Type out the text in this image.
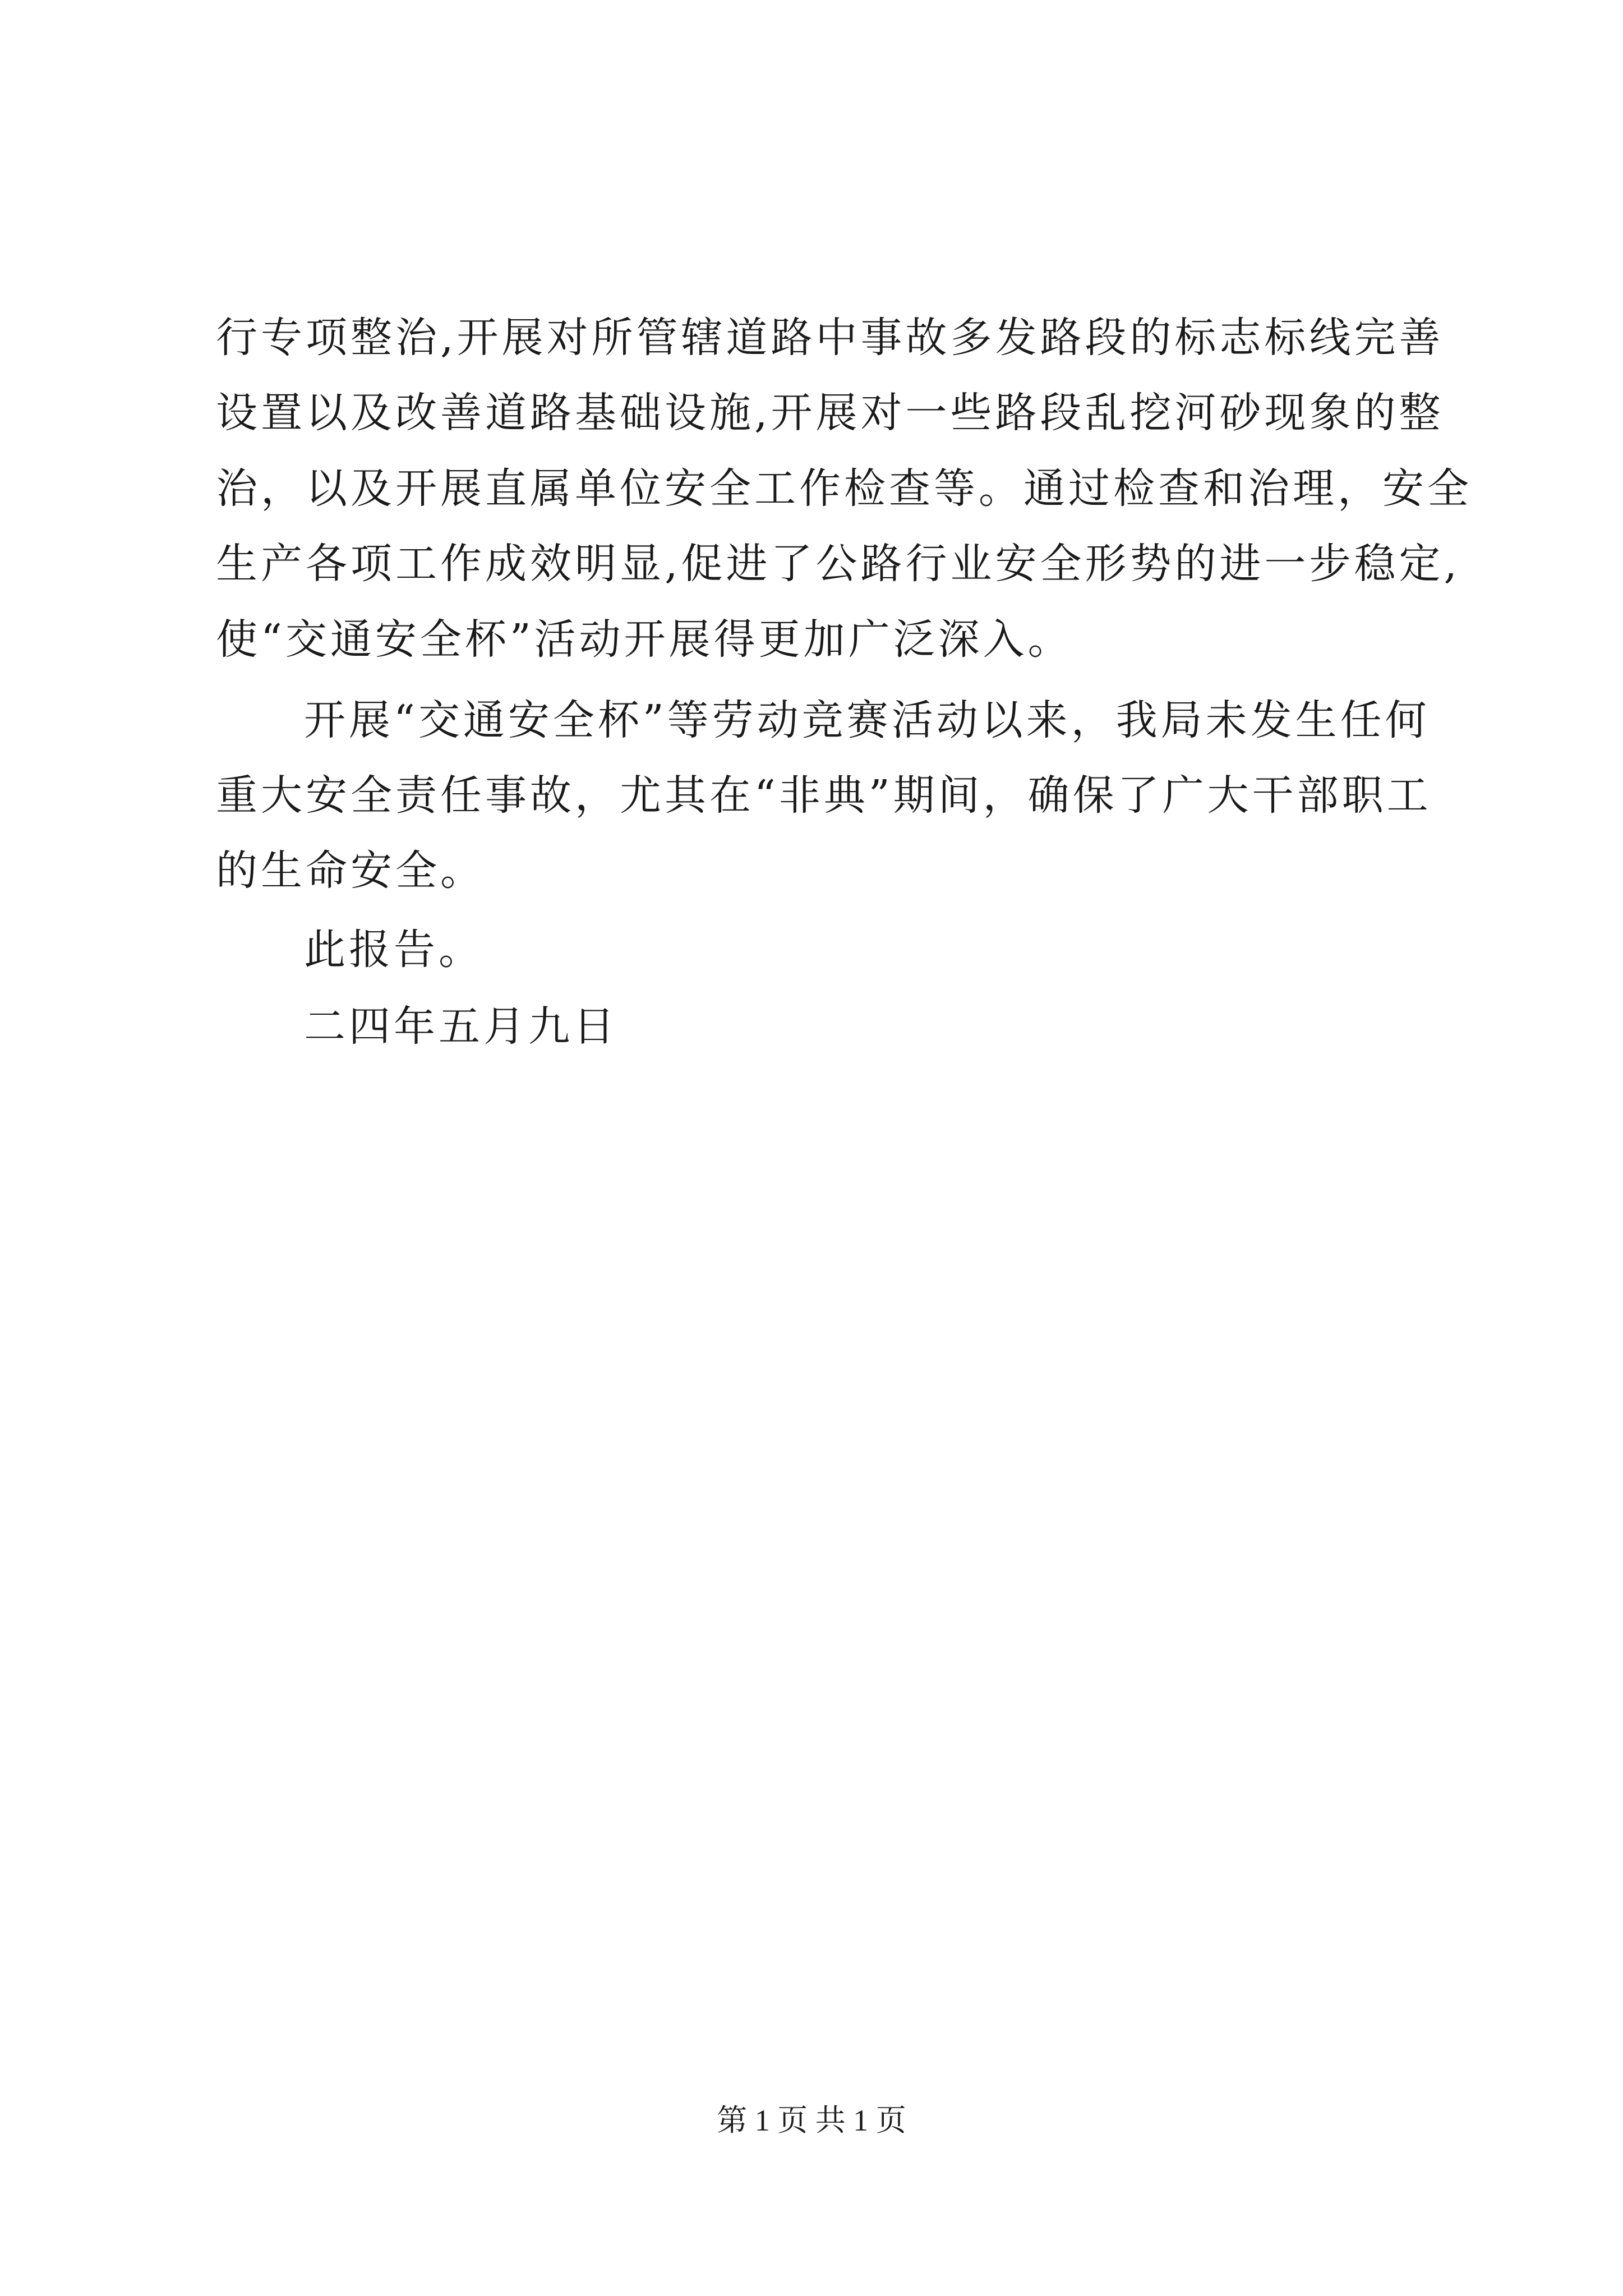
行专项整治,开展对所管辖道路中事故多发路段的标志标线完善
设置以及改善道路基础设施,开展对一些路段乱挖河砂现象的整
治，以及开展直属单位安全工作检查等。通过检查和治理，安全
生产各项工作成效明显,促进了公路行业安全形势的进一步稳定,
使“交通安全杯”活动开展得更加广泛深入。
开展“交通安全杯”等劳动竞赛活动以来，我局未发生任何
重大安全责任事故，尤其在“非典”期间，确保了广大干部职工
的生命安全。
此报告。
二四年五月九日
第 1 页 共 1 页
